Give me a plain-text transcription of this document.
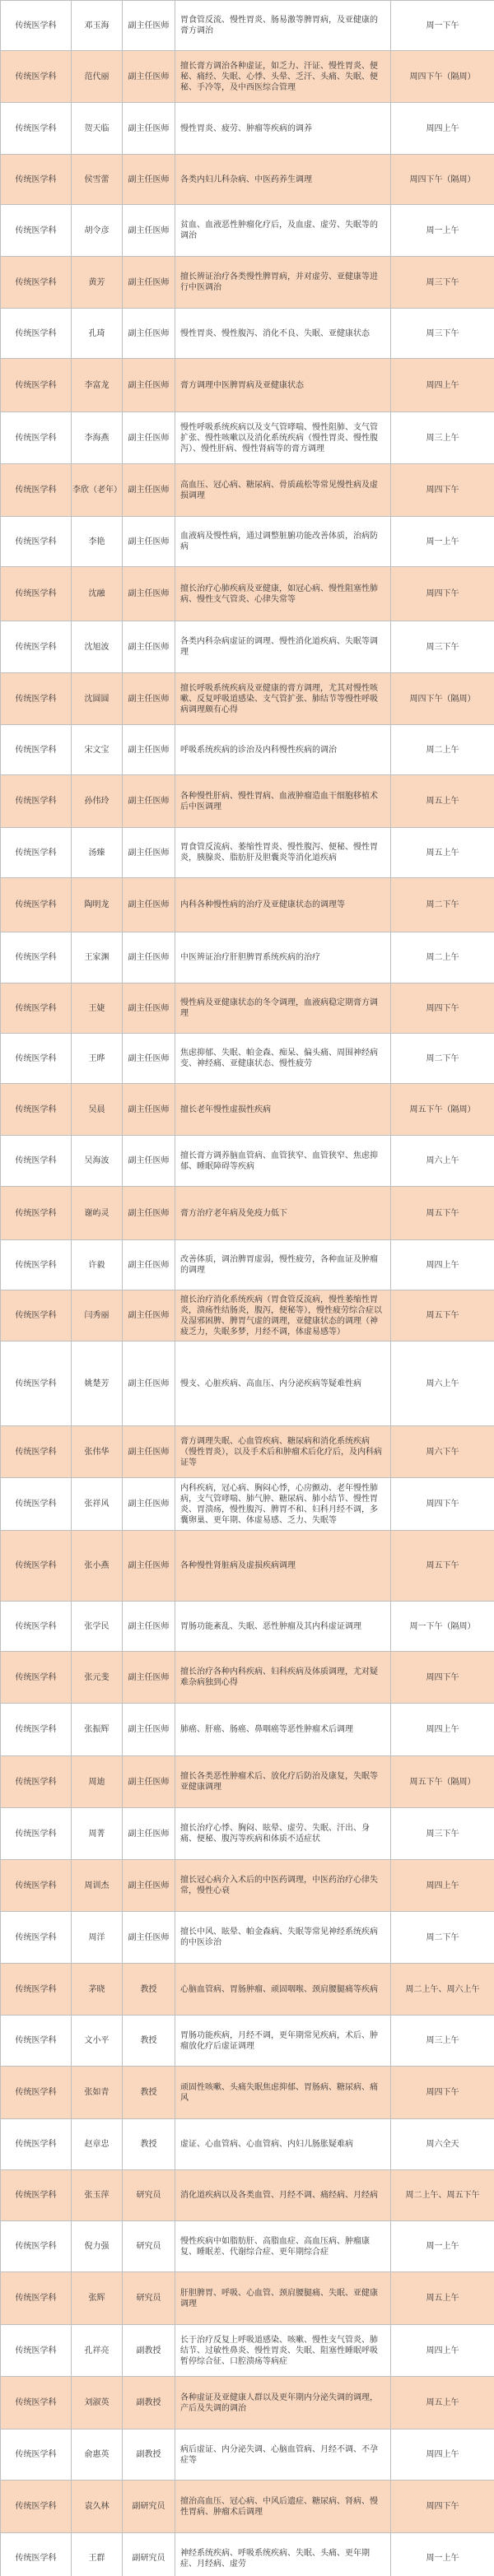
传统医学科	邓玉海	副主任医师	胃食管反流、慢性胃炎、肠易激等脾胃病，及亚健康的膏方调治	周一下午
传统医学科	范代丽	副主任医师	擅长膏方调治各种虚证，如乏力、汗证、慢性胃炎、便秘、痛经、失眠、心悸、头晕、乏汗、头痛、失眠、便秘、手冷等，及中西医综合管理	周四下午（隔周）
传统医学科	贺天临	副主任医师	慢性胃炎、疲劳、肿瘤等疾病的调养	周四上午
传统医学科	侯雪蕾	副主任医师	各类内妇儿科杂病、中医药养生调理	周四下午（隔周）
传统医学科	胡令彦	副主任医师	贫血、血液恶性肿瘤化疗后，及血虚、虚劳、失眠等的调治	周一上午
传统医学科	黄芳	副主任医师	擅长辨证治疗各类慢性脾胃病，并对虚劳、亚健康等进行中医调治	周三下午
传统医学科	孔琦	副主任医师	慢性胃炎、慢性腹泻、消化不良、失眠、亚健康状态	周三下午
传统医学科	李富龙	副主任医师	膏方调理中医脾胃病及亚健康状态	周四上午
传统医学科	李海燕	副主任医师	慢性呼吸系统疾病以及支气管哮喘、慢性阻肺、支气管扩张、慢性咳嗽以及消化系统疾病（慢性胃炎、慢性腹泻）、慢性肝病、慢性肾病等的膏方调理	周三上午
传统医学科	李欣（老年）	副主任医师	高血压、冠心病、糖尿病、骨质疏松等常见慢性病及虚损调理	周四下午
传统医学科	李艳	副主任医师	血液病及慢性病，通过调整脏腑功能改善体质，治病防病	周一上午
传统医学科	沈融	副主任医师	擅长治疗心肺疾病及亚健康，如冠心病、慢性阻塞性肺病、慢性支气管炎、心律失常等	周四下午
传统医学科	沈旭波	副主任医师	各类内科杂病虚证的调理、慢性消化道疾病、失眠等调理	周三下午
传统医学科	沈圆圆	副主任医师	擅长呼吸系统疾病及亚健康的膏方调理，尤其对慢性咳嗽、反复呼吸道感染、支气管扩张、肺结节等慢性呼吸病调理颇有心得	周四下午（隔周）
传统医学科	宋文宝	副主任医师	呼吸系统疾病的诊治及内科慢性疾病的调治	周二上午
传统医学科	孙伟玲	副主任医师	各种慢性肝病、慢性胃病、血液肿瘤造血干细胞移植术后中医调理	周五上午
传统医学科	汤臻	副主任医师	胃食管反流病、萎缩性胃炎、慢性腹泻、便秘、慢性胃炎，胰腺炎、脂肪肝及胆囊炎等消化道疾病	周五上午
传统医学科	陶明龙	副主任医师	内科各种慢性病的治疗及亚健康状态的调理等	周二下午
传统医学科	王家渊	副主任医师	中医辨证治疗肝胆脾胃系统疾病的治疗	周二上午
传统医学科	王婕	副主任医师	慢性病及亚健康状态的冬令调理，血液病稳定期膏方调理	周四下午
传统医学科	王晔	副主任医师	焦虑抑郁、失眠、帕金森、痴呆、偏头痛、周围神经病变、神经痛、亚健康状态、慢性疲劳	周二下午
传统医学科	吴晨	副主任医师	擅长老年慢性虚损性疾病	周五下午（隔周）
传统医学科	吴海波	副主任医师	擅长膏方调养脑血管病、血管狭窄、血管狭窄、焦虑抑郁、睡眠障碍等疾病	周六上午
传统医学科	谢屿灵	副主任医师	膏方治疗老年病及免疫力低下	周五下午
传统医学科	许毅	副主任医师	改善体质，调治脾胃虚弱，慢性疲劳，各种血证及肿瘤的调理	周四上午
传统医学科	闫秀丽	副主任医师	擅长治疗消化系统疾病（胃食管反流病，慢性萎缩性胃炎，溃疡性结肠炎，腹泻，便秘等），慢性疲劳综合症以及湿邪困脾、脾胃气虚的调理，亚健康状态的调理（神疲乏力，失眠多梦，月经不调，体虚易感等）	周五下午
传统医学科	姚楚芳	副主任医师	慢支、心脏疾病、高血压、内分泌疾病等疑难性病	周六上午
传统医学科	张伟华	副主任医师	膏方调理失眠、心血管疾病、糖尿病和消化系统疾病（慢性胃炎），以及手术后和肿瘤术后化疗后，及内科病证等	周六下午
传统医学科	张祥风	副主任医师	内科疾病，冠心病、胸闷心悸，心房颤动、老年慢性肺病，支气管哮喘、肺气肿、糖尿病、肺小结节、慢性胃炎、胃溃疡，慢性腹泻、脾胃不和、妇科月经不调，多囊卵巢、更年期、体虚易感、乏力、失眠等	周四下午
传统医学科	张小燕	副主任医师	各种慢性肾脏病及虚损疾病调理	周五下午
传统医学科	张学民	副主任医师	胃肠功能紊乱、失眠、恶性肿瘤及其内科虚证调理	周一下午（隔周）
传统医学科	张元斐	副主任医师	擅长治疗各种内科疾病、妇科疾病及体质调理，尤对疑难杂病独到心得	周四下午
传统医学科	张振辉	副主任医师	肺癌、肝癌、肠癌、鼻咽癌等恶性肿瘤术后调理	周四上午
传统医学科	周迪	副主任医师	擅长各类恶性肿瘤术后、放化疗后防治及康复，失眠等亚健康调理	周五下午（隔周）
传统医学科	周菁	副主任医师	擅长治疗心悸、胸闷、眩晕、虚劳、失眠、汗出、身痛、便秘、腹泻等疾病和体质不适症状	周三下午
传统医学科	周训杰	副主任医师	擅长冠心病介入术后的中医药调理，中医药治疗心律失常，慢性心衰	周四上午
传统医学科	周洋	副主任医师	擅长中风、眩晕、帕金森病、失眠等常见神经系统疾病的中医诊治	周二下午
传统医学科	茅晓	教授	心脑血管病、胃肠肿瘤、顽固咽喉、颈肩腰腿痛等疾病	周二上午、周六上午
传统医学科	文小平	教授	胃肠功能疾病，月经不调，更年期常见疾病，术后、肿瘤放化疗后虚证调理	周三上午
传统医学科	张如青	教授	顽固性咳嗽、头痛失眠焦虑抑郁、胃肠病、糖尿病、痛风	周四下午
传统医学科	赵章忠	教授	虚证、心血管病、心血管病、内妇儿肠胀疑难病	周六全天
传统医学科	张玉萍	研究员	消化道疾病以及各类血管、月经不调、痛经病、月经病	周二上午、周五下午
传统医学科	倪力强	研究员	慢性疾病中如脂肪肝、高脂血症、高血压病、肿瘤康复、睡眠差、代谢综合症、更年期综合症	周一上午
传统医学科	张辉	研究员	肝胆脾胃、呼吸、心血管、颈肩腰腿痛、失眠、亚健康调理	周五上午
传统医学科	孔祥亮	副教授	长于治疗反复上呼吸道感染、咳嗽、慢性支气管炎、肺结节、过敏性鼻炎、慢性胃炎、失眠、阻塞性睡眠呼吸暂停综合征、口腔溃疡等病症	周四上午
传统医学科	刘淑英	副教授	各种虚证及亚健康人群以及更年期内分泌失调的调理，产后及失调的调治	周五上午
传统医学科	俞惠英	副教授	病后虚证、内分泌失调、心脑血管病、月经不调、不孕症等	周四上午
传统医学科	袁久林	副研究员	擅治高血压、冠心病、中风后遗症、糖尿病、肾病、慢性胃病、肿瘤术后调理	周四下午
传统医学科	王群	副研究员	神经系统疾病、呼吸系统疾病、失眠、头痛、更年期症、月经病、虚劳	周一上午
